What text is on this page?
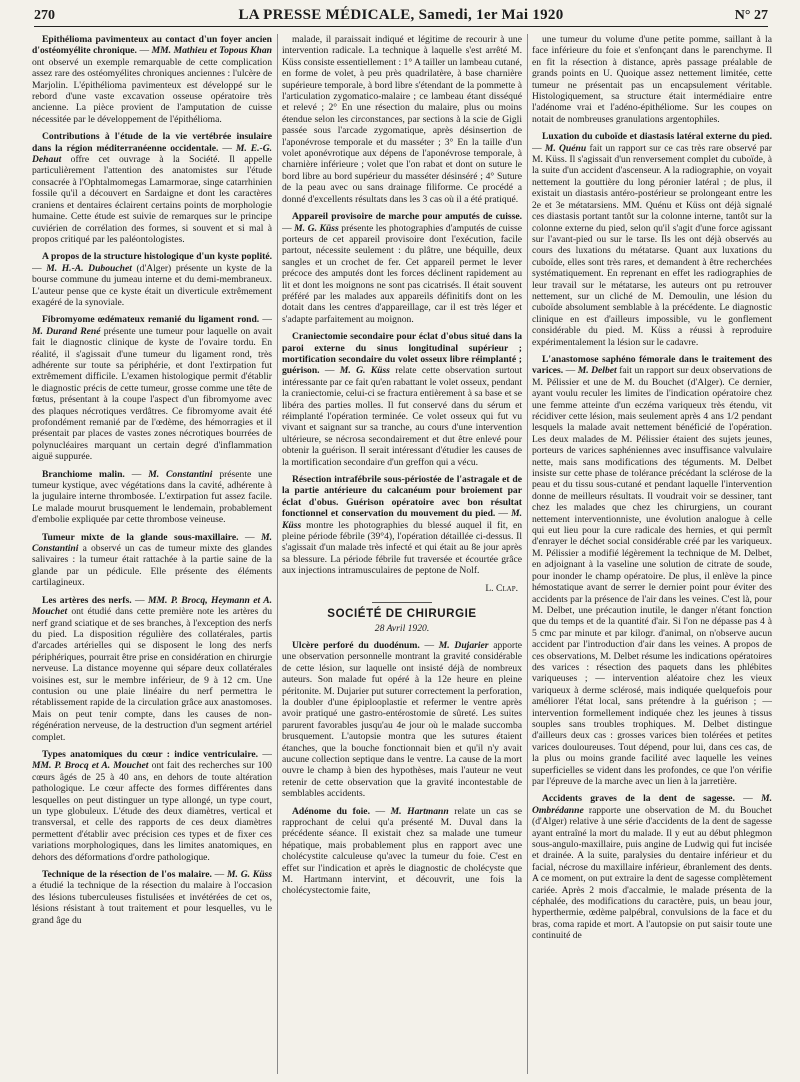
270	LA PRESSE MÉDICALE, Samedi, 1er Mai 1920	N° 27

Epithélioma pavimenteux au contact d'un foyer ancien d'ostéomyélite chronique. — MM. Mathieu et Topous Khan ont observé un exemple remarquable de cette complication assez rare des ostéomyélites chroniques anciennes : l'ulcère de Marjolin. L'épithélioma pavimenteux est développé sur le rebord d'une vaste excavation osseuse opératoire très ancienne. La pièce provient de l'amputation de cuisse nécessitée par le développement de l'épithélioma.

Contributions à l'étude de la vie vertébrée insulaire dans la région méditerranéenne occidentale. — M. E.-G. Dehaut offre cet ouvrage à la Société. Il appelle particulièrement l'attention des anatomistes sur l'étude consacrée à l'Ophtalmomegas Lamarmorae, singe catarrhinien fossile qu'il a découvert en Sardaigne et dont les caractères craniens et dentaires éclairent certains points de morphologie humaine. Cette étude est suivie de remarques sur le principe cuviérien de corrélation des formes, si souvent et si mal à propos critiqué par les paléontologistes.

A propos de la structure histologique d'un kyste poplité. — M. H.-A. Dubouchet (d'Alger) présente un kyste de la bourse commune du jumeau interne et du demi-membraneux. L'auteur pense que ce kyste était un diverticule extrêmement exagéré de la synoviale.

Fibromyome œdémateux remanié du ligament rond. — M. Durand René présente une tumeur pour laquelle on avait fait le diagnostic clinique de kyste de l'ovaire tordu. En réalité, il s'agissait d'une tumeur du ligament rond, très adhérente sur toute sa périphérie, et dont l'extirpation fut extrêmement difficile. L'examen histologique permit d'établir le diagnostic précis de cette tumeur, grosse comme une tête de fœtus, présentant à la coupe l'aspect d'un fibromyome avec des plaques nécrotiques verdâtres. Ce fibromyome avait été profondément remanié par de l'œdème, des hémorragies et il présentait par places de vastes zones nécrotiques bourrées de polynucléaires marquant un certain degré d'inflammation aiguë suppurée.

Branchiome malin. — M. Constantini présente une tumeur kystique, avec végétations dans la cavité, adhérente à la jugulaire interne thrombosée. L'extirpation fut assez facile. Le malade mourut brusquement le lendemain, probablement d'embolie expliquée par cette thrombose veineuse.

Tumeur mixte de la glande sous-maxillaire. — M. Constantini a observé un cas de tumeur mixte des glandes salivaires : la tumeur était rattachée à la partie saine de la glande par un pédicule. Elle présente des éléments cartilagineux.

Les artères des nerfs. — MM. P. Brocq, Heymann et A. Mouchet ont étudié dans cette première note les artères du nerf grand sciatique et de ses branches, à l'exception des nerfs du pied. La disposition régulière des collatérales, partis d'arcades artérielles qui se disposent le long des nerfs périphériques, pourrait être prise en considération en chirurgie nerveuse. La distance moyenne qui sépare deux collatérales voisines est, sur le membre inférieur, de 9 à 12 cm. Une contusion ou une plaie linéaire du nerf permettra le rétablissement rapide de la circulation grâce aux anastomoses. Mais on peut tenir compte, dans les causes de non-régénération nerveuse, de la destruction d'un segment artériel complet.

Types anatomiques du cœur : indice ventriculaire. — MM. P. Brocq et A. Mouchet ont fait des recherches sur 100 cœurs âgés de 25 à 40 ans, en dehors de toute altération pathologique. Le cœur affecte des formes différentes dans lesquelles on peut distinguer un type allongé, un type court, un type globuleux. L'étude des deux diamètres, vertical et transversal, et celle des rapports de ces deux diamètres permettent d'établir avec précision ces types et de fixer ces variations morphologiques, dans les limites anatomiques, en dehors des déformations d'ordre pathologique.

Technique de la résection de l'os malaire. — M. G. Küss a étudié la technique de la résection du malaire à l'occasion des lésions tuberculeuses fistulisées et invétérées de cet os, lésions résistant à tout traitement et pour lesquelles, vu le grand âge du

malade, il paraissait indiqué et légitime de recourir à une intervention radicale. La technique à laquelle s'est arrêté M. Küss consiste essentiellement : 1° A tailler un lambeau cutané, en forme de volet, à peu près quadrilatère, à base charnière supérieure temporale, à bord libre s'étendant de la pommette à l'articulation zygomatico-malaire ; ce lambeau étant disséqué et relevé ; 2° En une résection du malaire, plus ou moins étendue selon les circonstances, par sections à la scie de Gigli passée sous l'arcade zygomatique, après désinsertion de l'aponévrose temporale et du masséter ; 3° En la taille d'un volet aponévrotique aux dépens de l'aponévrose temporale, à charnière inférieure ; volet que l'on rabat et dont on suture le bord libre au bord supérieur du masséter désinséré ; 4° Suture de la peau avec ou sans drainage filiforme. Ce procédé a donné d'excellents résultats dans les 3 cas où il a été pratiqué.

Appareil provisoire de marche pour amputés de cuisse. — M. G. Küss présente les photographies d'amputés de cuisse porteurs de cet appareil provisoire dont l'exécution, facile partout, nécessite seulement : du plâtre, une béquille, deux sangles et un crochet de fer. Cet appareil permet le lever précoce des amputés dont les forces déclinent rapidement au lit et dont les moignons ne sont pas cicatrisés. Il était souvent préféré par les malades aux appareils définitifs dont on les dotait dans les centres d'appareillage, car il est très léger et s'adapte parfaitement au moignon.

Craniectomie secondaire pour éclat d'obus situé dans la paroi externe du sinus longitudinal supérieur ; mortification secondaire du volet osseux libre réimplanté ; guérison. — M. G. Küss relate cette observation surtout intéressante par ce fait qu'en rabattant le volet osseux, pendant la craniectomie, celui-ci se fractura entièrement à sa base et se libéra des parties molles. Il fut conservé dans du sérum et réimplanté l'opération terminée. Ce volet osseux qui fut vu vivant et saignant sur sa tranche, au cours d'une intervention ultérieure, se nécrosa secondairement et dut être enlevé pour obtenir la guérison. Il serait intéressant d'étudier les causes de la mortification secondaire d'un greffon qui a vécu.

Résection intrafébrile sous-périostée de l'astragale et de la partie antérieure du calcanéum pour broiement par éclat d'obus. Guérison opératoire avec bon résultat fonctionnel et conservation du mouvement du pied. — M. Küss montre les photographies du blessé auquel il fit, en pleine période fébrile (39°4), l'opération détaillée ci-dessus. Il s'agissait d'un malade très infecté et qui était au 8e jour après sa blessure. La période fébrile fut traversée et écourtée grâce aux injections intramusculaires de peptone de Nolf.

L. Clap.
SOCIÉTÉ DE CHIRURGIE
28 Avril 1920.

Ulcère perforé du duodénum. — M. Dujarier apporte une observation personnelle montrant la gravité considérable de cette lésion, sur laquelle ont insisté déjà de nombreux auteurs. Son malade fut opéré à la 12e heure en pleine péritonite. M. Dujarier put suturer correctement la perforation, la doubler d'une épiplooplastie et refermer le ventre après avoir pratiqué une gastro-entérostomie de sûreté. Les suites parurent favorables jusqu'au 4e jour où le malade succomba brusquement. L'autopsie montra que les sutures étaient étanches, que la bouche fonctionnait bien et qu'il n'y avait aucune collection septique dans le ventre. La cause de la mort ouvre le champ à bien des hypothèses, mais l'auteur ne veut retenir de cette observation que la gravité incontestable de semblables accidents.

Adénome du foie. — M. Hartmann relate un cas se rapprochant de celui qu'a présenté M. Duval dans la précédente séance. Il existait chez sa malade une tumeur hépatique, mais probablement plus en rapport avec une cholécystite calculeuse qu'avec la tumeur du foie. C'est en effet sur l'indication et après le diagnostic de cholécyste que M. Hartmann intervint, et découvrit, une fois la cholécystectomie faite,

une tumeur du volume d'une petite pomme, saillant à la face inférieure du foie et s'enfonçant dans le parenchyme. Il en fit la résection à distance, après passage préalable de grands points en U. Quoique assez nettement limitée, cette tumeur ne présentait pas un encapsulement véritable. Histologiquement, sa structure était intermédiaire entre l'adénome vrai et l'adéno-épithéliome. Sur les coupes on notait de nombreuses granulations argentophiles.

Luxation du cuboïde et diastasis latéral externe du pied. — M. Quénu fait un rapport sur ce cas très rare observé par M. Küss. Il s'agissait d'un renversement complet du cuboïde, à la suite d'un accident d'ascenseur. A la radiographie, on voyait nettement la gouttière du long péronier latéral ; de plus, il existait un diastasis antéro-postérieur se prolongeant entre les 2e et 3e métatarsiens. MM. Quénu et Küss ont déjà signalé ces diastasis portant tantôt sur la colonne interne, tantôt sur la colonne externe du pied, selon qu'il s'agit d'une force agissant sur l'avant-pied ou sur le tarse. Ils les ont déjà observés au cours des luxations du métatarse. Quant aux luxations du cuboïde, elles sont très rares, et demandent à être recherchées systématiquement. En reprenant en effet les radiographies de leur travail sur le métatarse, les auteurs ont pu retrouver nettement, sur un cliché de M. Demoulin, une lésion du cuboïde absolument semblable à la précédente. Le diagnostic clinique en est d'ailleurs impossible, vu le gonflement considérable du pied. M. Küss a réussi à reproduire expérimentalement la lésion sur le cadavre.

L'anastomose saphéno fémorale dans le traitement des varices. — M. Delbet fait un rapport sur deux observations de M. Pélissier et une de M. du Bouchet (d'Alger). Ce dernier, ayant voulu reculer les limites de l'indication opératoire chez une femme atteinte d'un eczéma variqueux très étendu, vit récidiver cette lésion, mais seulement après 4 ans 1/2 pendant lesquels la malade avait nettement bénéficié de l'opération. Les deux malades de M. Pélissier étaient des sujets jeunes, porteurs de varices saphéniennes avec insuffisance valvulaire nette, mais sans modifications des téguments. M. Delbet insiste sur cette phase de tolérance précédant la sclérose de la peau et du tissu sous-cutané et pendant laquelle l'intervention donne de meilleurs résultats. Il voudrait voir se dessiner, tant chez les malades que chez les chirurgiens, un courant nettement interventionniste, une évolution analogue à celle qui eut lieu pour la cure radicale des hernies, et qui permît d'enrayer le déchet social considérable créé par les variqueux. M. Pélissier a modifié légèrement la technique de M. Delbet, en adjoignant à la vaseline une solution de citrate de soude, pour inonder le champ opératoire. De plus, il enlève la pince hémostatique avant de serrer le dernier point pour éviter des accidents par la présence de l'air dans les veines. C'est là, pour M. Delbet, une précaution inutile, le danger n'étant fonction que du temps et de la quantité d'air. Si l'on ne dépasse pas 4 à 5 cmc par minute et par kilogr. d'animal, on n'observe aucun accident par l'introduction d'air dans les veines. A propos de ces observations, M. Delbet résume les indications opératoires des varices : résection des paquets dans les phlébites variqueuses ; — intervention aléatoire chez les vieux variqueux à derme sclérosé, mais indiquée quelquefois pour améliorer l'état local, sans prétendre à la guérison ; — intervention formellement indiquée chez les jeunes à tissus souples sans troubles trophiques. M. Delbet distingue d'ailleurs deux cas : grosses varices bien tolérées et petites varices douloureuses. Tout dépend, pour lui, dans ces cas, de la plus ou moins grande facilité avec laquelle les veines superficielles se vident dans les profondes, ce que l'on vérifie par l'épreuve de la marche avec un lien à la jarretière.

Accidents graves de la dent de sagesse. — M. Ombrédanne rapporte une observation de M. du Bouchet (d'Alger) relative à une série d'accidents de la dent de sagesse ayant entraîné la mort du malade. Il y eut au début phlegmon sous-angulo-maxillaire, puis angine de Ludwig qui fut incisée et drainée. A la suite, paralysies du dentaire inférieur et du facial, nécrose du maxillaire inférieur, ébranlement des dents. A ce moment, on put extraire la dent de sagesse complètement cariée. Après 2 mois d'accalmie, le malade présenta de la céphalée, des modifications du caractère, puis, un beau jour, hyperthermie, œdème palpébral, convulsions de la face et du bras, coma rapide et mort. A l'autopsie on put saisir toute une continuité de
